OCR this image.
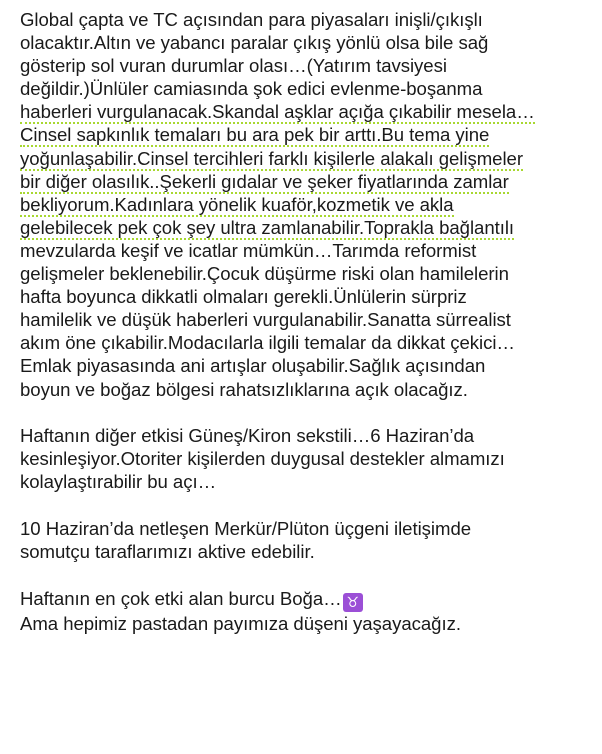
Global çapta ve TC açısından para piyasaları inişli/çıkışlı
olacaktır.Altın ve yabancı paralar çıkış yönlü olsa bile sağ
gösterip sol vuran durumlar olası…(Yatırım tavsiyesi
değildir.)Ünlüler camiasında şok edici evlenme-boşanma
haberleri vurgulanacak.Skandal aşklar açığa çıkabilir mesela…
Cinsel sapkınlık temaları bu ara pek bir arttı.Bu tema yine
yoğunlaşabilir.Cinsel tercihleri farklı kişilerle alakalı gelişmeler
bir diğer olasılık..Şekerli gıdalar ve şeker fiyatlarında zamlar
bekliyorum.Kadınlara yönelik kuaför,kozmetik ve akla
gelebilecek pek çok şey ultra zamlanabilir.Toprakla bağlantılı
mevzularda keşif ve icatlar mümkün…Tarımda reformist
gelişmeler beklenebilir.Çocuk düşürme riski olan hamilelerin
hafta boyunca dikkatli olmaları gerekli.Ünlülerin sürpriz
hamilelik ve düşük haberleri vurgulanabilir.Sanatta sürrealist
akım öne çıkabilir.Modacılarla ilgili temalar da dikkat çekici…
Emlak piyasasında ani artışlar oluşabilir.Sağlık açısından
boyun ve boğaz bölgesi rahatsızlıklarına açık olacağız.
Haftanın diğer etkisi Güneş/Kiron sekstili…6 Haziran’da
kesinleşiyor.Otoriter kişilerden duygusal destekler almamızı
kolaylaştırabilir bu açı…
10 Haziran’da netleşen Merkür/Plüton üçgeni iletişimde
somutçu taraflarımızı aktive edebilir.
Haftanın en çok etki alan burcu Boğa… ♉
Ama hepimiz pastadan payımıza düşeni yaşayacağız.
